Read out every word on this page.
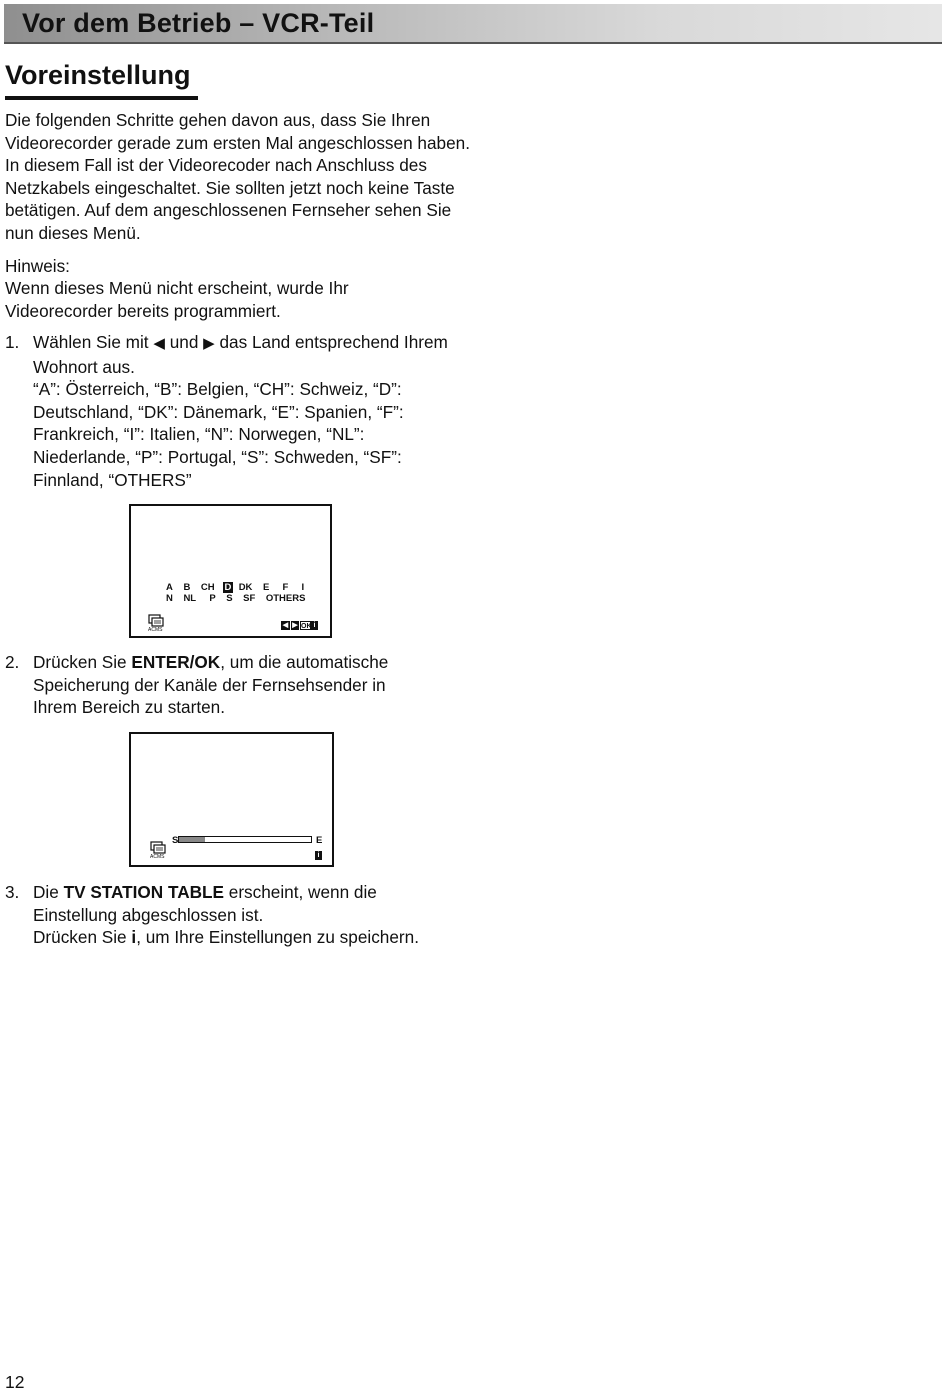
Vor dem Betrieb – VCR-Teil
Voreinstellung
Die folgenden Schritte gehen davon aus, dass Sie Ihren Videorecorder gerade zum ersten Mal angeschlossen haben. In diesem Fall ist der Videorecoder nach Anschluss des Netzkabels eingeschaltet. Sie sollten jetzt noch keine Taste betätigen. Auf dem angeschlossenen Fernseher sehen Sie nun dieses Menü.
Hinweis:
Wenn dieses Menü nicht erscheint, wurde Ihr Videorecorder bereits programmiert.
1. Wählen Sie mit ◀ und ▶ das Land entsprechend Ihrem Wohnort aus.
“A”: Österreich, “B”: Belgien, “CH”: Schweiz, “D”: Deutschland, “DK”: Dänemark, “E”: Spanien, “F”: Frankreich, “I”: Italien, “N”: Norwegen, “NL”: Niederlande, “P”: Portugal, “S”: Schweden, “SF”: Finnland, “OTHERS”
A B CH D DK E F I
N NL P S SF OTHERS
ACMS
◀ ▶ OK i
2. Drücken Sie ENTER/OK, um die automatische Speicherung der Kanäle der Fernsehsender in Ihrem Bereich zu starten.
S	E
ACMS	i
3. Die TV STATION TABLE erscheint, wenn die Einstellung abgeschlossen ist.
Drücken Sie i, um Ihre Einstellungen zu speichern.
12
